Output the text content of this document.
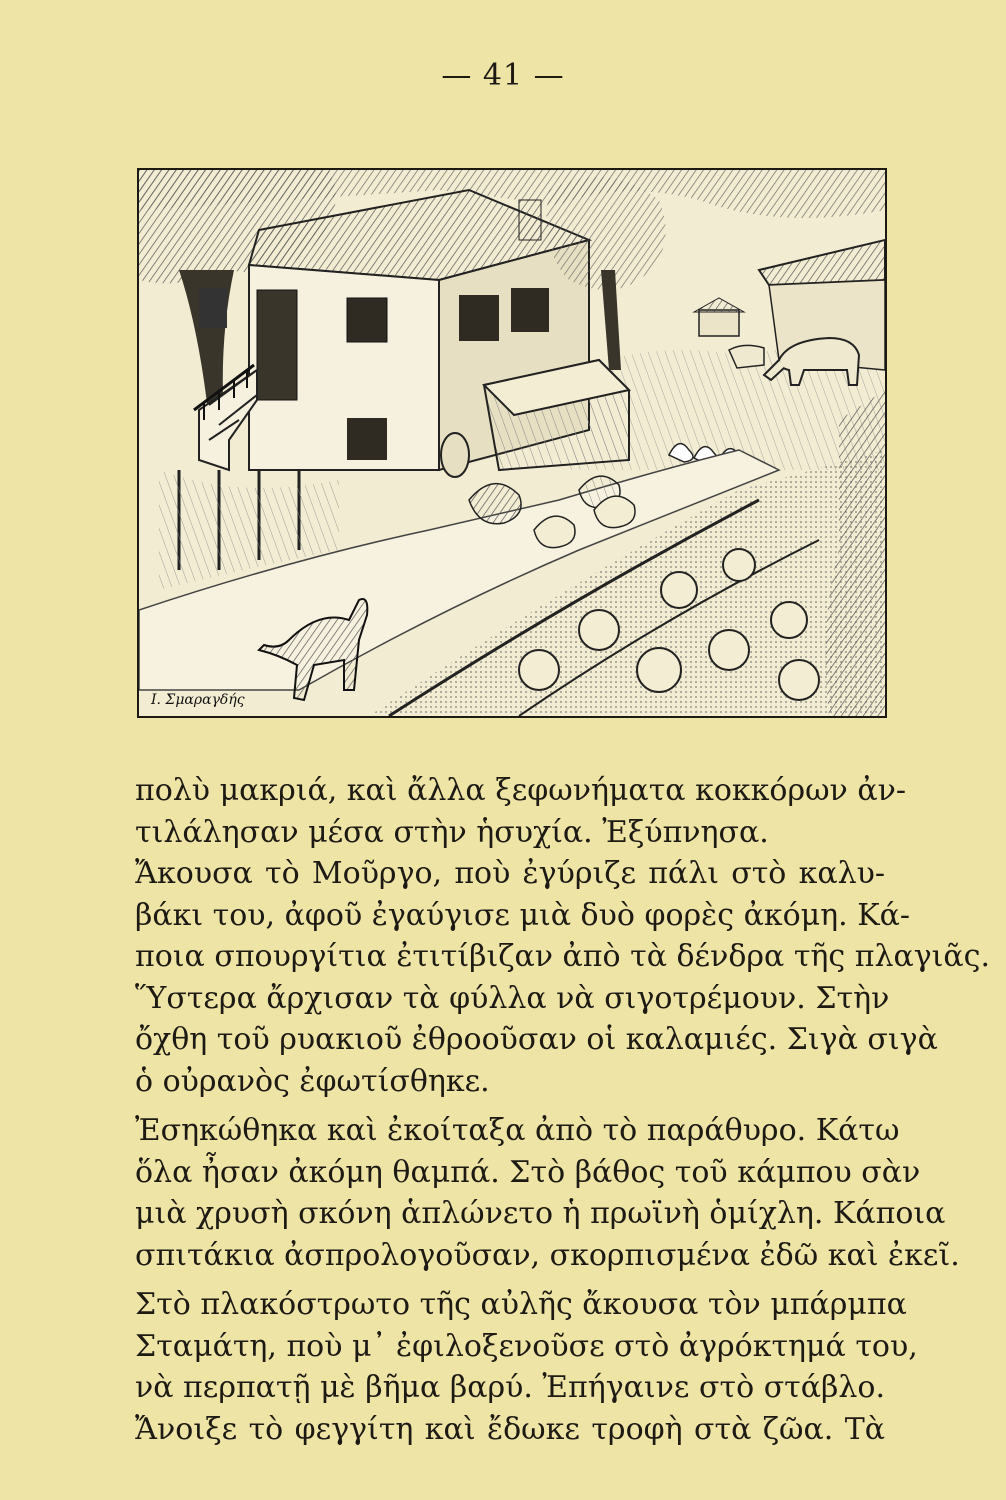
— 41 —
Ι. Σμαραγδής
πολὺ μακριά, καὶ ἄλλα ξεφωνήματα κοκκόρων ἀν-
τιλάλησαν μέσα στὴν ἡσυχία. Ἐξύπνησα.
Ἄκουσα τὸ Μοῦργο, ποὺ ἐγύριζε πάλι στὸ καλυ-
βάκι του, ἀφοῦ ἐγαύγισε μιὰ δυὸ φορὲς ἀκόμη. Κά-
ποια σπουργίτια ἐτιτίβιζαν ἀπὸ τὰ δένδρα τῆς πλαγιᾶς.
Ὕστερα ἄρχισαν τὰ φύλλα νὰ σιγοτρέμουν. Στὴν
ὄχθη τοῦ ρυακιοῦ ἐθροοῦσαν οἱ καλαμιές. Σιγὰ σιγὰ
ὁ οὐρανὸς ἐφωτίσθηκε.
Ἐσηκώθηκα καὶ ἐκοίταξα ἀπὸ τὸ παράθυρο. Κάτω
ὅλα ἦσαν ἀκόμη θαμπά. Στὸ βάθος τοῦ κάμπου σὰν
μιὰ χρυσὴ σκόνη ἁπλώνετο ἡ πρωϊνὴ ὁμίχλη. Κάποια
σπιτάκια ἀσπρολογοῦσαν, σκορπισμένα ἐδῶ καὶ ἐκεῖ.
Στὸ πλακόστρωτο τῆς αὐλῆς ἄκουσα τὸν μπάρμπα
Σταμάτη, ποὺ μ᾽ ἐφιλοξενοῦσε στὸ ἀγρόκτημά του,
νὰ περπατῇ μὲ βῆμα βαρύ. Ἐπήγαινε στὸ στάβλο.
Ἄνοιξε τὸ φεγγίτη καὶ ἔδωκε τροφὴ στὰ ζῶα. Τὰ
